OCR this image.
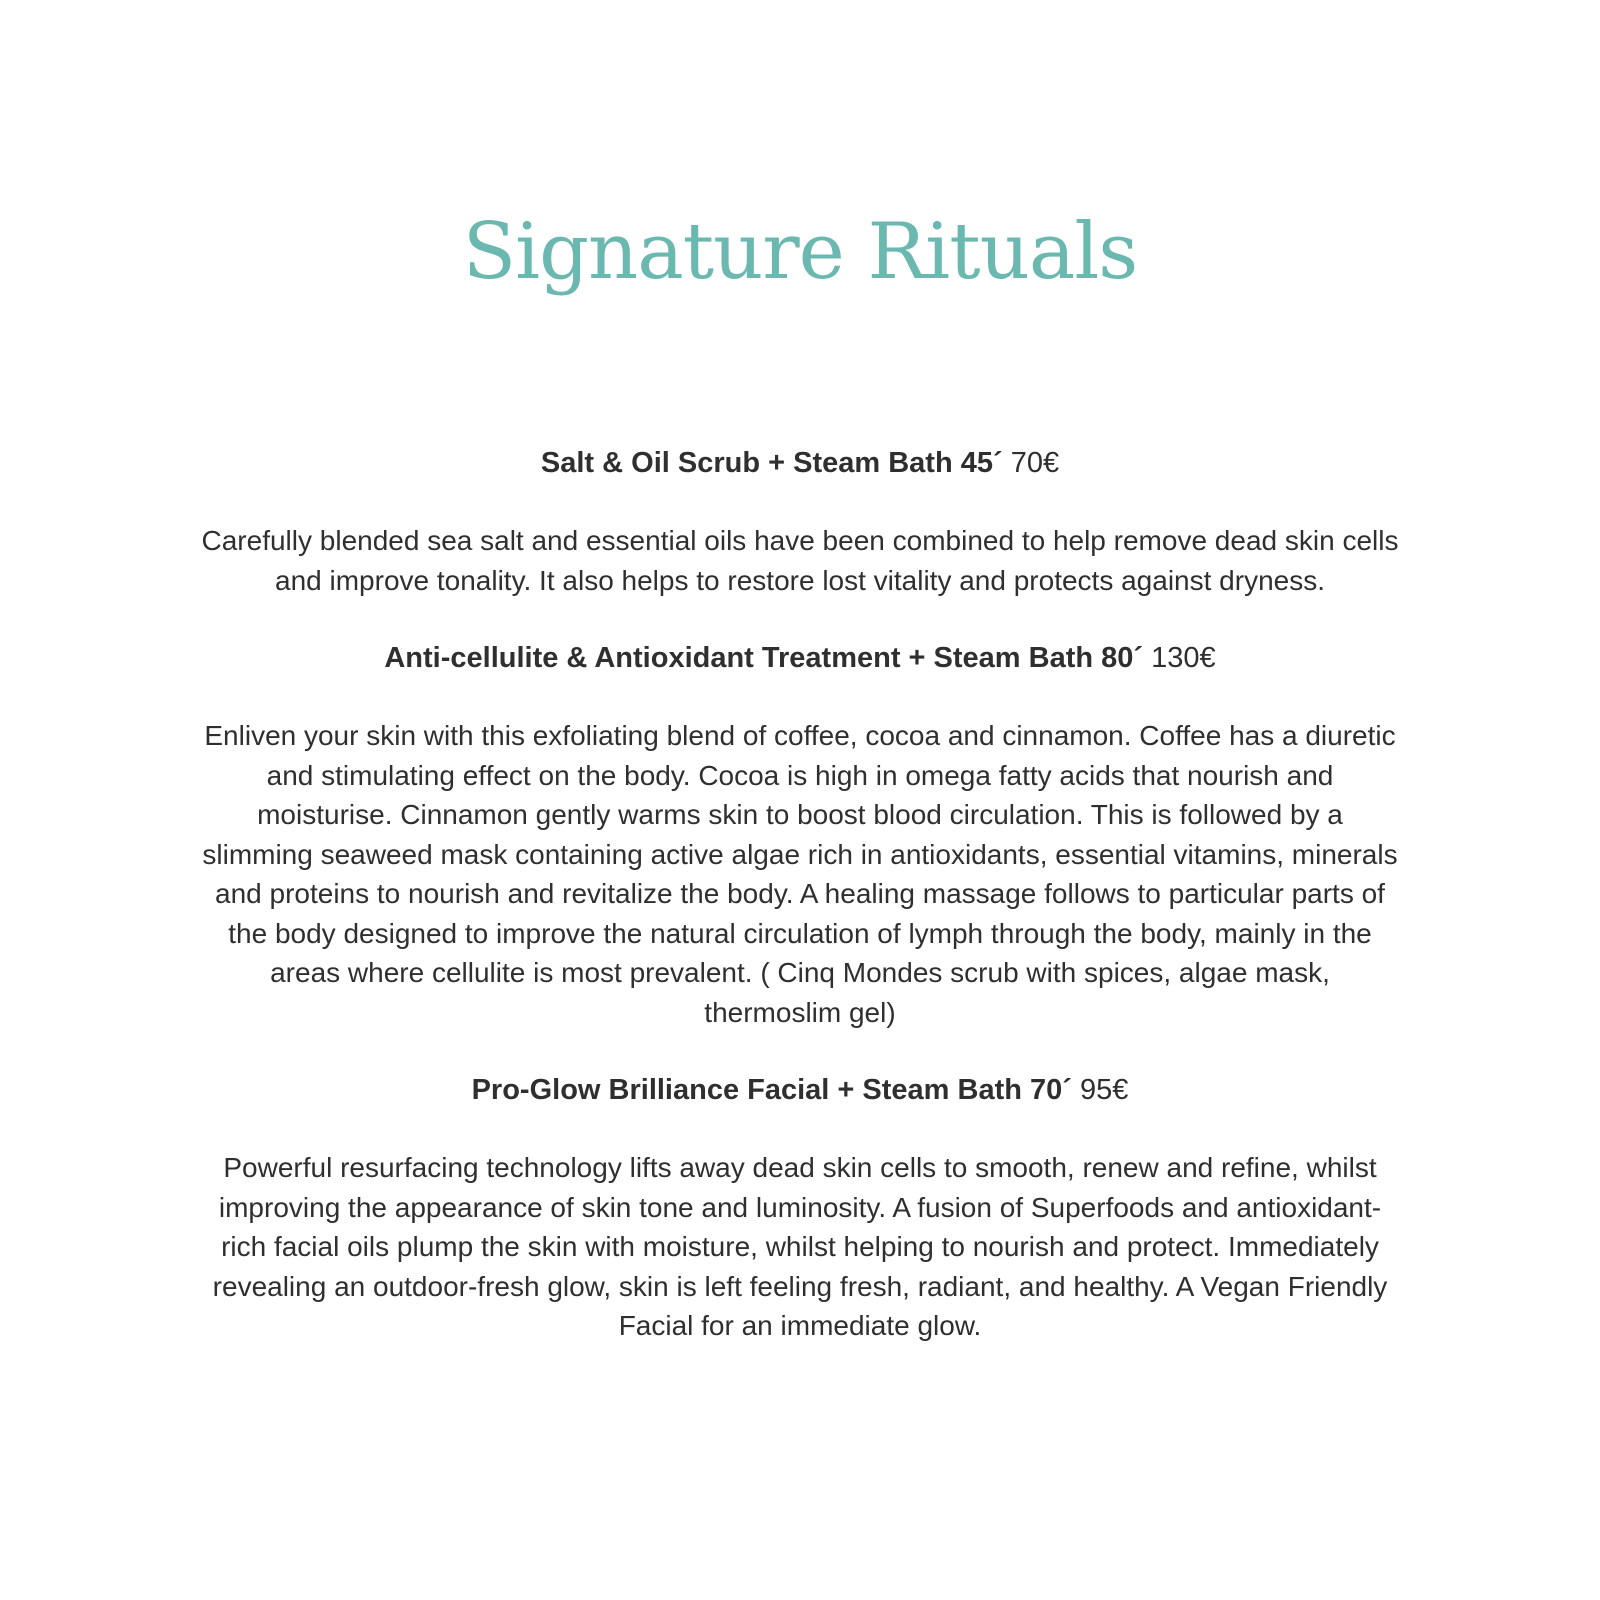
Signature Rituals

Salt & Oil Scrub + Steam Bath 45´ 70€

Carefully blended sea salt and essential oils have been combined to help remove dead skin cells and improve tonality. It also helps to restore lost vitality and protects against dryness.

Anti-cellulite & Antioxidant Treatment + Steam Bath 80´ 130€

Enliven your skin with this exfoliating blend of coffee, cocoa and cinnamon. Coffee has a diuretic and stimulating effect on the body. Cocoa is high in omega fatty acids that nourish and moisturise. Cinnamon gently warms skin to boost blood circulation. This is followed by a slimming seaweed mask containing active algae rich in antioxidants, essential vitamins, minerals and proteins to nourish and revitalize the body. A healing massage follows to particular parts of the body designed to improve the natural circulation of lymph through the body, mainly in the areas where cellulite is most prevalent. ( Cinq Mondes scrub with spices, algae mask, thermoslim gel)

Pro-Glow Brilliance Facial + Steam Bath 70´ 95€

Powerful resurfacing technology lifts away dead skin cells to smooth, renew and refine, whilst improving the appearance of skin tone and luminosity. A fusion of Superfoods and antioxidant-rich facial oils plump the skin with moisture, whilst helping to nourish and protect. Immediately revealing an outdoor-fresh glow, skin is left feeling fresh, radiant, and healthy. A Vegan Friendly Facial for an immediate glow.
